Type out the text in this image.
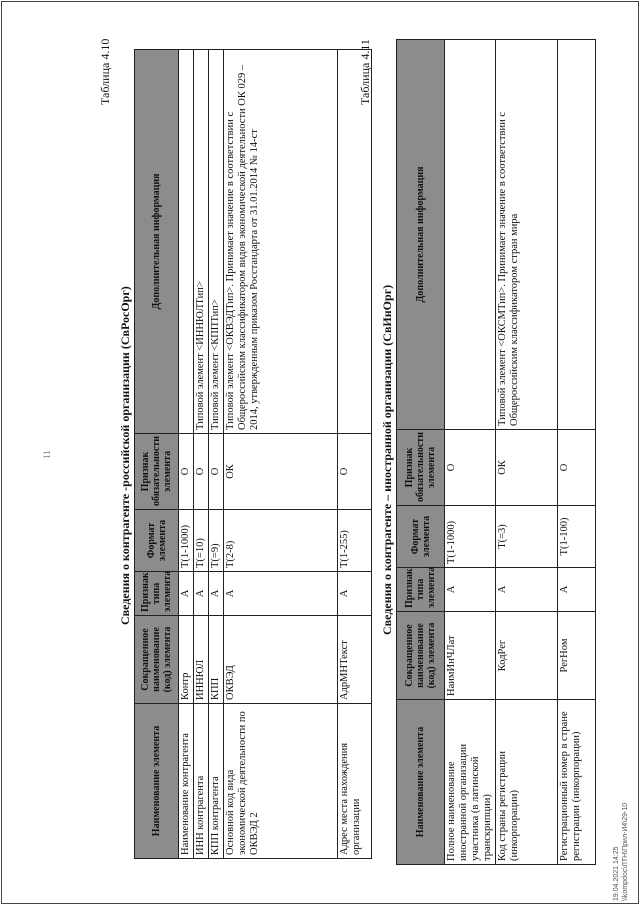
11
Таблица 4.10
Сведения о контрагенте -российской организации (СвРосОрг)
Наименование элемента	Сокращенное наименование (код) элемента	Признак типа элемента	Формат элемента	Признак обязательности элемента	Дополнительная информация
Наименование контрагента	Контр	А	T(1-1000)	О	
ИНН контрагента	ИННЮЛ	А	T(=10)	О	Типовой элемент <ИННЮЛТип>
КПП контрагента	КПП	А	T(=9)	О	Типовой элемент <КППТип>
Основной код вида экономической деятельности по ОКВЭД 2	ОКВЭД	А	T(2-8)	ОК	Типовой элемент <ОКВЭДТип>. Принимает значение в соответствии с Общероссийским классификатором видов экономической деятельности ОК 029 – 2014, утвержденным приказом Росстандарта от 31.01.2014 № 14-ст
Адрес места нахождения организации	АдрМНТекст	А	T(1-255)	О	
Таблица 4.11
Сведения о контрагенте – иностранной организации (СвИнОрг)
Наименование элемента	Сокращенное наименование (код) элемента	Признак типа элемента	Формат элемента	Признак обязательности элемента	Дополнительная информация
Полное наименование иностранной организации участника (в латинской транскрипции)	НаимИнЧЛат	А	T(1-1000)	О	
Код страны регистрации (инкорпорации)	КодРег	А	T(=3)	ОК	Типовой элемент <ОКСМТип>. Принимает значение в соответствии с Общероссийским классификатором стран мира
Регистрационный номер в стране регистрации (инкорпорации)	РегНом	А	T(1-100)	О	
19.04.2021 14:25 \\kompdoc\ЛТН\Прил-И4\29-10
